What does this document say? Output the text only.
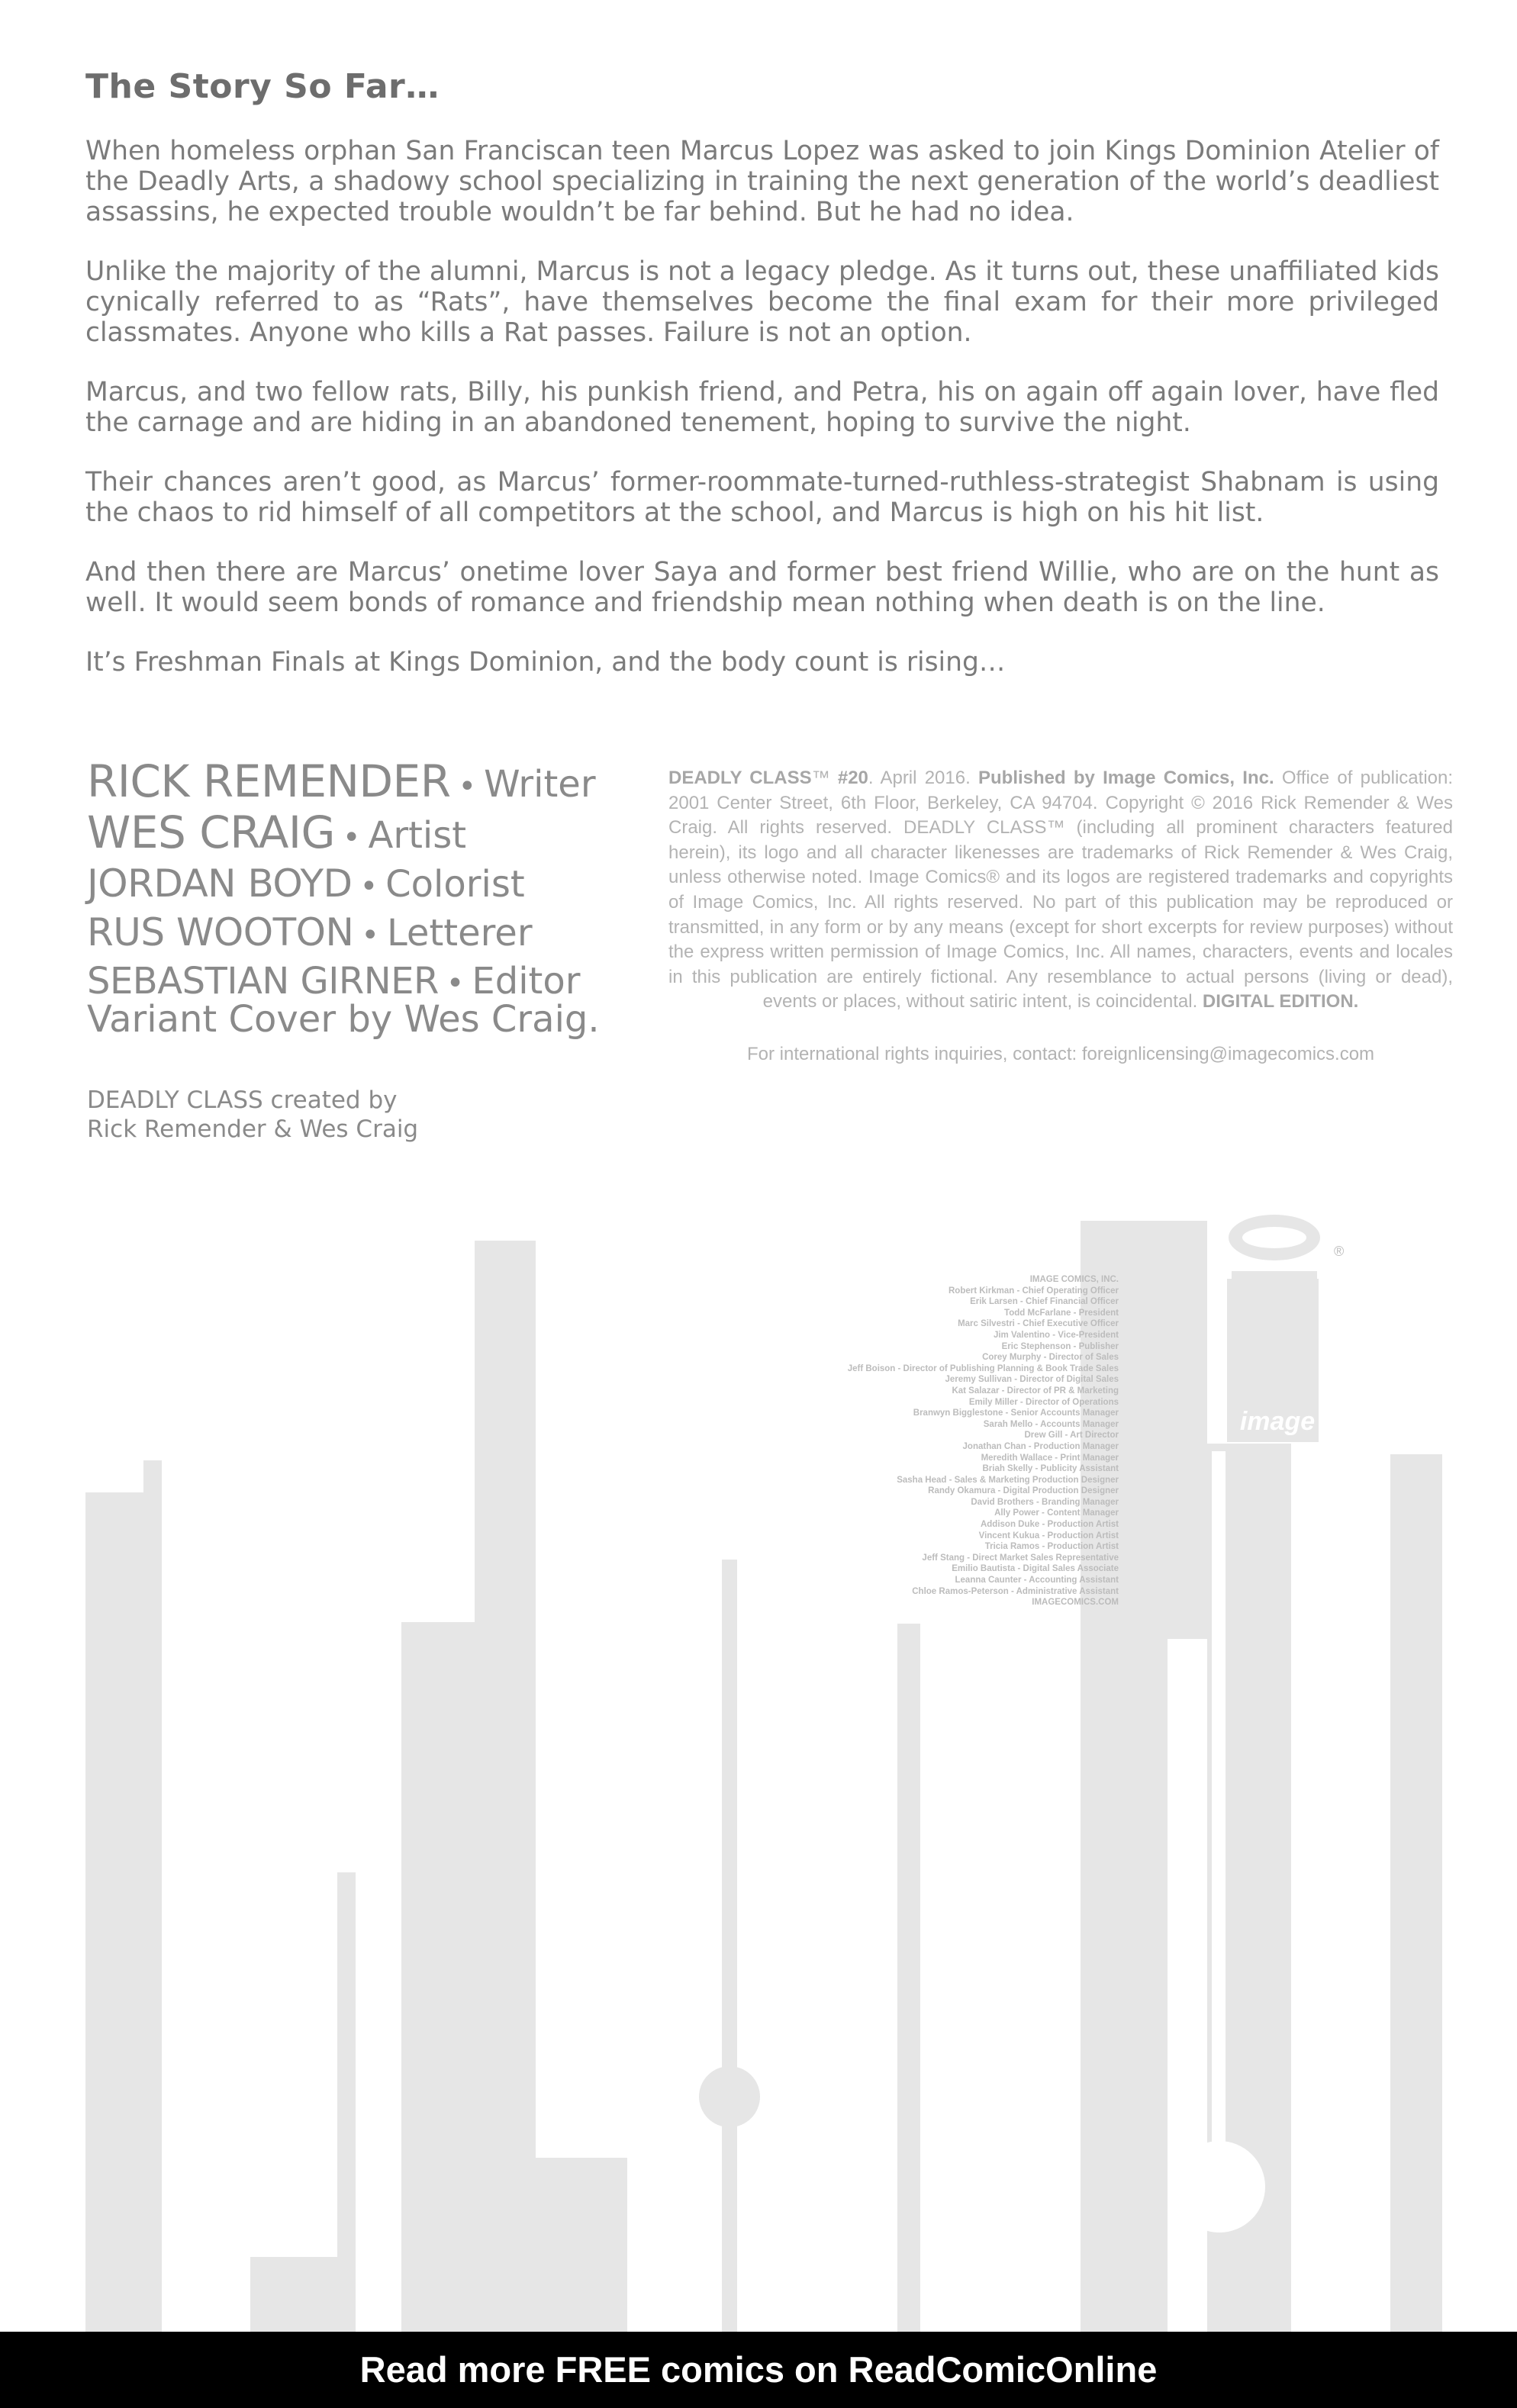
image
®
The Story So Far…

When homeless orphan San Franciscan teen Marcus Lopez was asked to join Kings Dominion Atelier of the Deadly Arts, a shadowy school specializing in training the next generation of the world’s deadliest assassins, he expected trouble wouldn’t be far behind. But he had no idea.

Unlike the majority of the alumni, Marcus is not a legacy pledge. As it turns out, these unaffiliated kids cynically referred to as “Rats”, have themselves become the final exam for their more privileged classmates. Anyone who kills a Rat passes. Failure is not an option.

Marcus, and two fellow rats, Billy, his punkish friend, and Petra, his on again off again lover, have fled the carnage and are hiding in an abandoned tenement, hoping to survive the night.

Their chances aren’t good, as Marcus’ former-roommate-turned-ruthless-strategist Shabnam is using the chaos to rid himself of all competitors at the school, and Marcus is high on his hit list.

And then there are Marcus’ onetime lover Saya and former best friend Willie, who are on the hunt as well. It would seem bonds of romance and friendship mean nothing when death is on the line.

It’s Freshman Finals at Kings Dominion, and the body count is rising…

RICK REMENDER • Writer
WES CRAIG • Artist
JORDAN BOYD • Colorist
RUS WOOTON • Letterer
SEBASTIAN GIRNER • Editor
Variant Cover by Wes Craig.
DEADLY CLASS created by
Rick Remender & Wes Craig
DEADLY CLASS™ #20. April 2016. Published by Image Comics, Inc. Office of publication: 2001 Center Street, 6th Floor, Berkeley, CA 94704. Copyright © 2016 Rick Remender & Wes Craig. All rights reserved. DEADLY CLASS™ (including all prominent characters featured herein), its logo and all character likenesses are trademarks of Rick Remender & Wes Craig, unless otherwise noted. Image Comics® and its logos are registered trademarks and copyrights of Image Comics, Inc. All rights reserved. No part of this publication may be reproduced or transmitted, in any form or by any means (except for short excerpts for review purposes) without the express written permission of Image Comics, Inc. All names, characters, events and locales in this publication are entirely fictional. Any resemblance to actual persons (living or dead), events or places, without satiric intent, is coincidental. DIGITAL EDITION.
For international rights inquiries, contact: foreignlicensing@imagecomics.com
IMAGE COMICS, INC.
Robert Kirkman - Chief Operating Officer
Erik Larsen - Chief Financial Officer
Todd McFarlane - President
Marc Silvestri - Chief Executive Officer
Jim Valentino - Vice-President
Eric Stephenson - Publisher
Corey Murphy - Director of Sales
Jeff Boison - Director of Publishing Planning & Book Trade Sales
Jeremy Sullivan - Director of Digital Sales
Kat Salazar - Director of PR & Marketing
Emily Miller - Director of Operations
Branwyn Bigglestone - Senior Accounts Manager
Sarah Mello - Accounts Manager
Drew Gill - Art Director
Jonathan Chan - Production Manager
Meredith Wallace - Print Manager
Briah Skelly - Publicity Assistant
Sasha Head - Sales & Marketing Production Designer
Randy Okamura - Digital Production Designer
David Brothers - Branding Manager
Ally Power - Content Manager
Addison Duke - Production Artist
Vincent Kukua - Production Artist
Tricia Ramos - Production Artist
Jeff Stang - Direct Market Sales Representative
Emilio Bautista - Digital Sales Associate
Leanna Caunter - Accounting Assistant
Chloe Ramos-Peterson - Administrative Assistant
IMAGECOMICS.COM
Read more FREE comics on ReadComicOnline
